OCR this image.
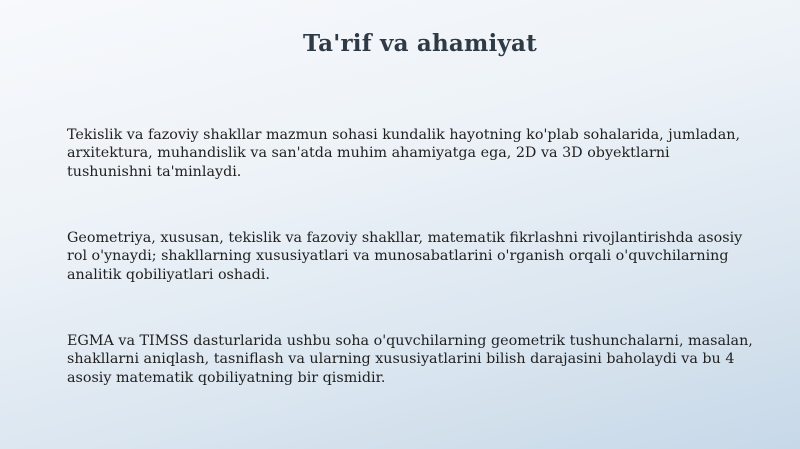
Ta'rif va ahamiyat

Tekislik va fazoviy shakllar mazmun sohasi kundalik hayotning ko'plab sohalarida, jumladan, arxitektura, muhandislik va san'atda muhim ahamiyatga ega, 2D va 3D obyektlarni tushunishni ta'minlaydi.

Geometriya, xususan, tekislik va fazoviy shakllar, matematik fikrlashni rivojlantirishda asosiy rol o'ynaydi; shakllarning xususiyatlari va munosabatlarini o'rganish orqali o'quvchilarning analitik qobiliyatlari oshadi.

EGMA va TIMSS dasturlarida ushbu soha o'quvchilarning geometrik tushunchalarni, masalan, shakllarni aniqlash, tasniflash va ularning xususiyatlarini bilish darajasini baholaydi va bu 4 asosiy matematik qobiliyatning bir qismidir.
